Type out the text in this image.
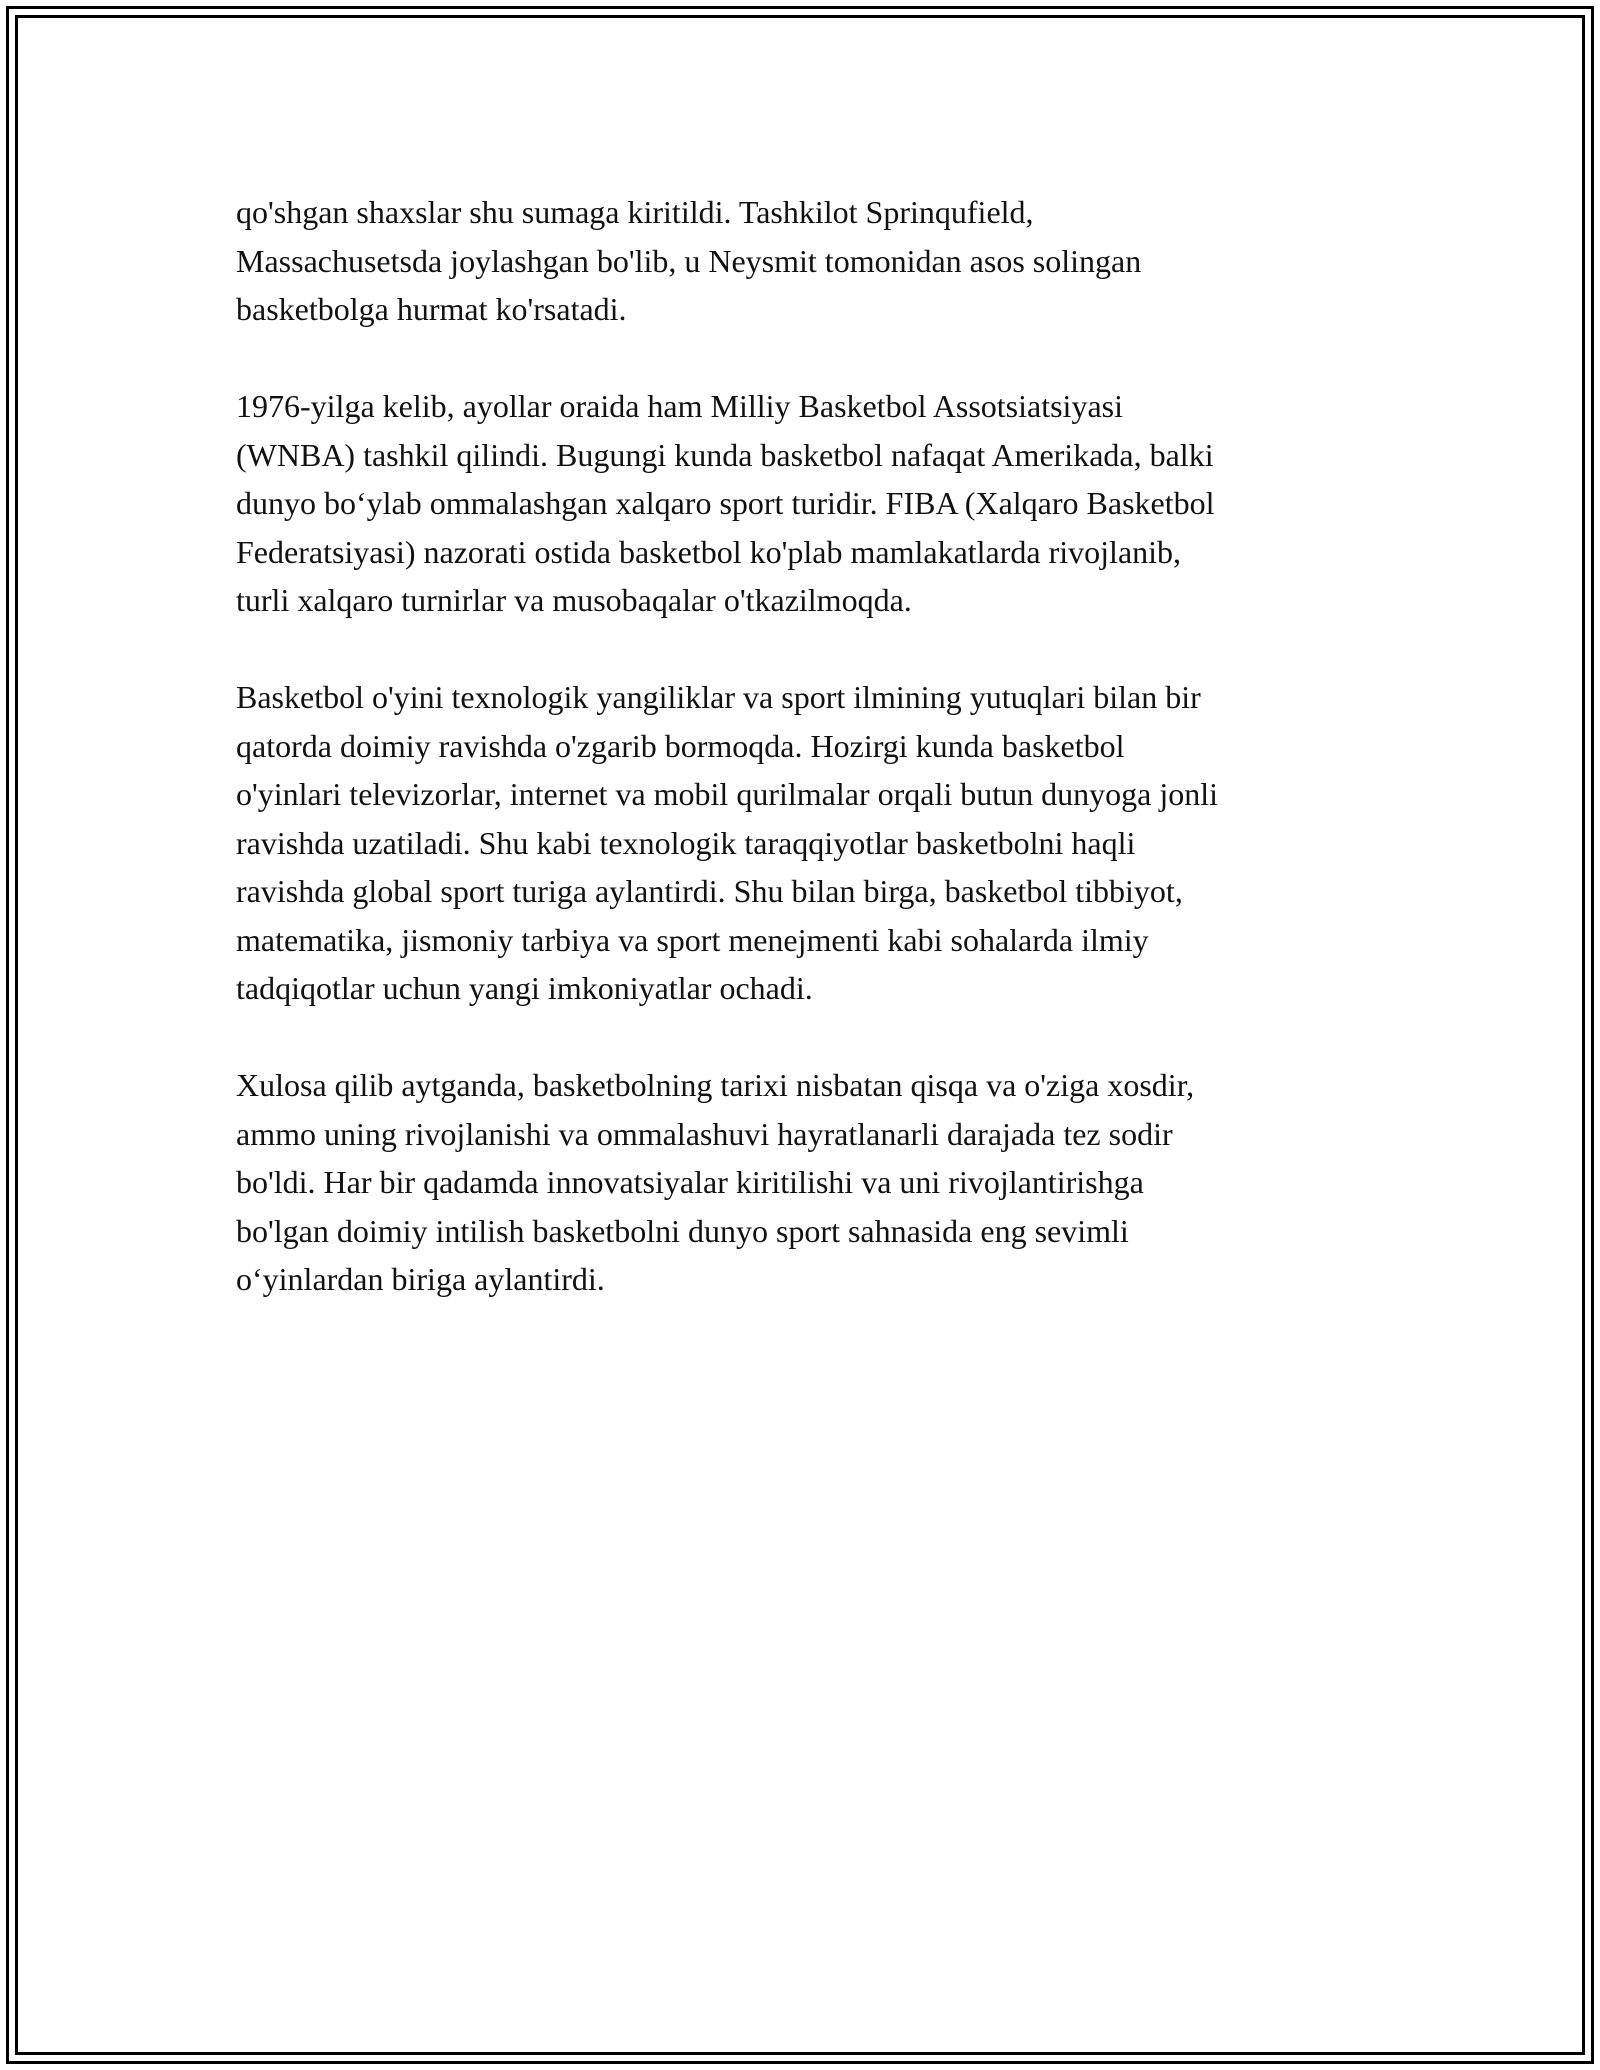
qo'shgan shaxslar shu sumaga kiritildi. Tashkilot Sprinqufield,
Massachusetsda joylashgan bo'lib, u Neysmit tomonidan asos solingan
basketbolga hurmat ko'rsatadi.

1976-yilga kelib, ayollar oraida ham Milliy Basketbol Assotsiatsiyasi
(WNBA) tashkil qilindi. Bugungi kunda basketbol nafaqat Amerikada, balki
dunyo boʻylab ommalashgan xalqaro sport turidir. FIBA (Xalqaro Basketbol
Federatsiyasi) nazorati ostida basketbol ko'plab mamlakatlarda rivojlanib,
turli xalqaro turnirlar va musobaqalar o'tkazilmoqda.

Basketbol o'yini texnologik yangiliklar va sport ilmining yutuqlari bilan bir
qatorda doimiy ravishda o'zgarib bormoqda. Hozirgi kunda basketbol
o'yinlari televizorlar, internet va mobil qurilmalar orqali butun dunyoga jonli
ravishda uzatiladi. Shu kabi texnologik taraqqiyotlar basketbolni haqli
ravishda global sport turiga aylantirdi. Shu bilan birga, basketbol tibbiyot,
matematika, jismoniy tarbiya va sport menejmenti kabi sohalarda ilmiy
tadqiqotlar uchun yangi imkoniyatlar ochadi.

Xulosa qilib aytganda, basketbolning tarixi nisbatan qisqa va o'ziga xosdir,
ammo uning rivojlanishi va ommalashuvi hayratlanarli darajada tez sodir
bo'ldi. Har bir qadamda innovatsiyalar kiritilishi va uni rivojlantirishga
bo'lgan doimiy intilish basketbolni dunyo sport sahnasida eng sevimli
oʻyinlardan biriga aylantirdi.
